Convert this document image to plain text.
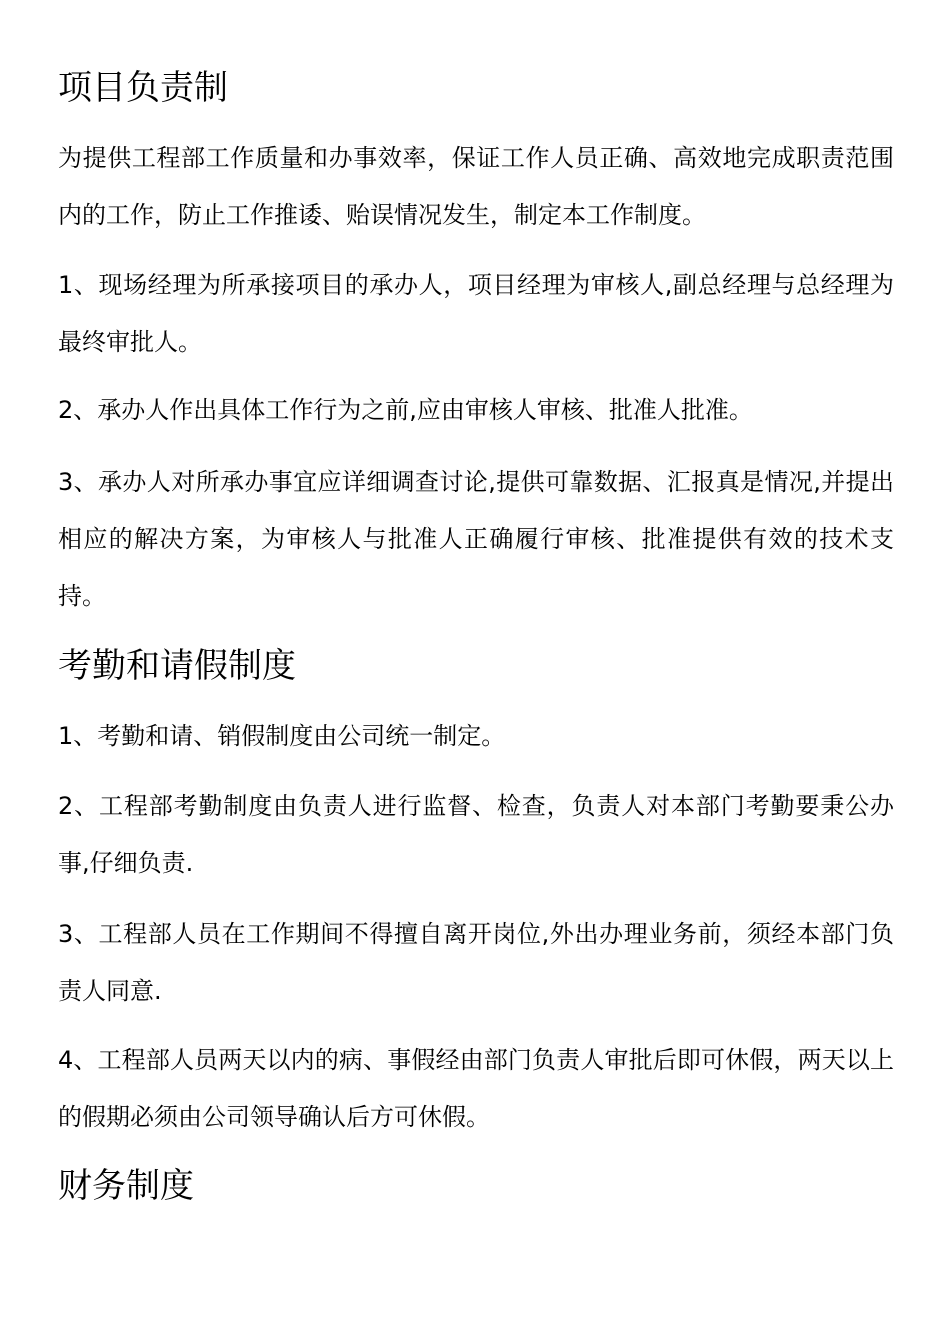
项目负责制

为提供工程部工作质量和办事效率，保证工作人员正确、高效地完成职责范围内的工作，防止工作推诿、贻误情况发生，制定本工作制度。

1、现场经理为所承接项目的承办人，项目经理为审核人,副总经理与总经理为最终审批人。

2、承办人作出具体工作行为之前,应由审核人审核、批准人批准。

3、承办人对所承办事宜应详细调查讨论,提供可靠数据、汇报真是情况,并提出相应的解决方案，为审核人与批准人正确履行审核、批准提供有效的技术支持。

考勤和请假制度

1、考勤和请、销假制度由公司统一制定。

2、工程部考勤制度由负责人进行监督、检查，负责人对本部门考勤要秉公办事,仔细负责.

3、工程部人员在工作期间不得擅自离开岗位,外出办理业务前，须经本部门负责人同意.

4、工程部人员两天以内的病、事假经由部门负责人审批后即可休假，两天以上的假期必须由公司领导确认后方可休假。

财务制度
